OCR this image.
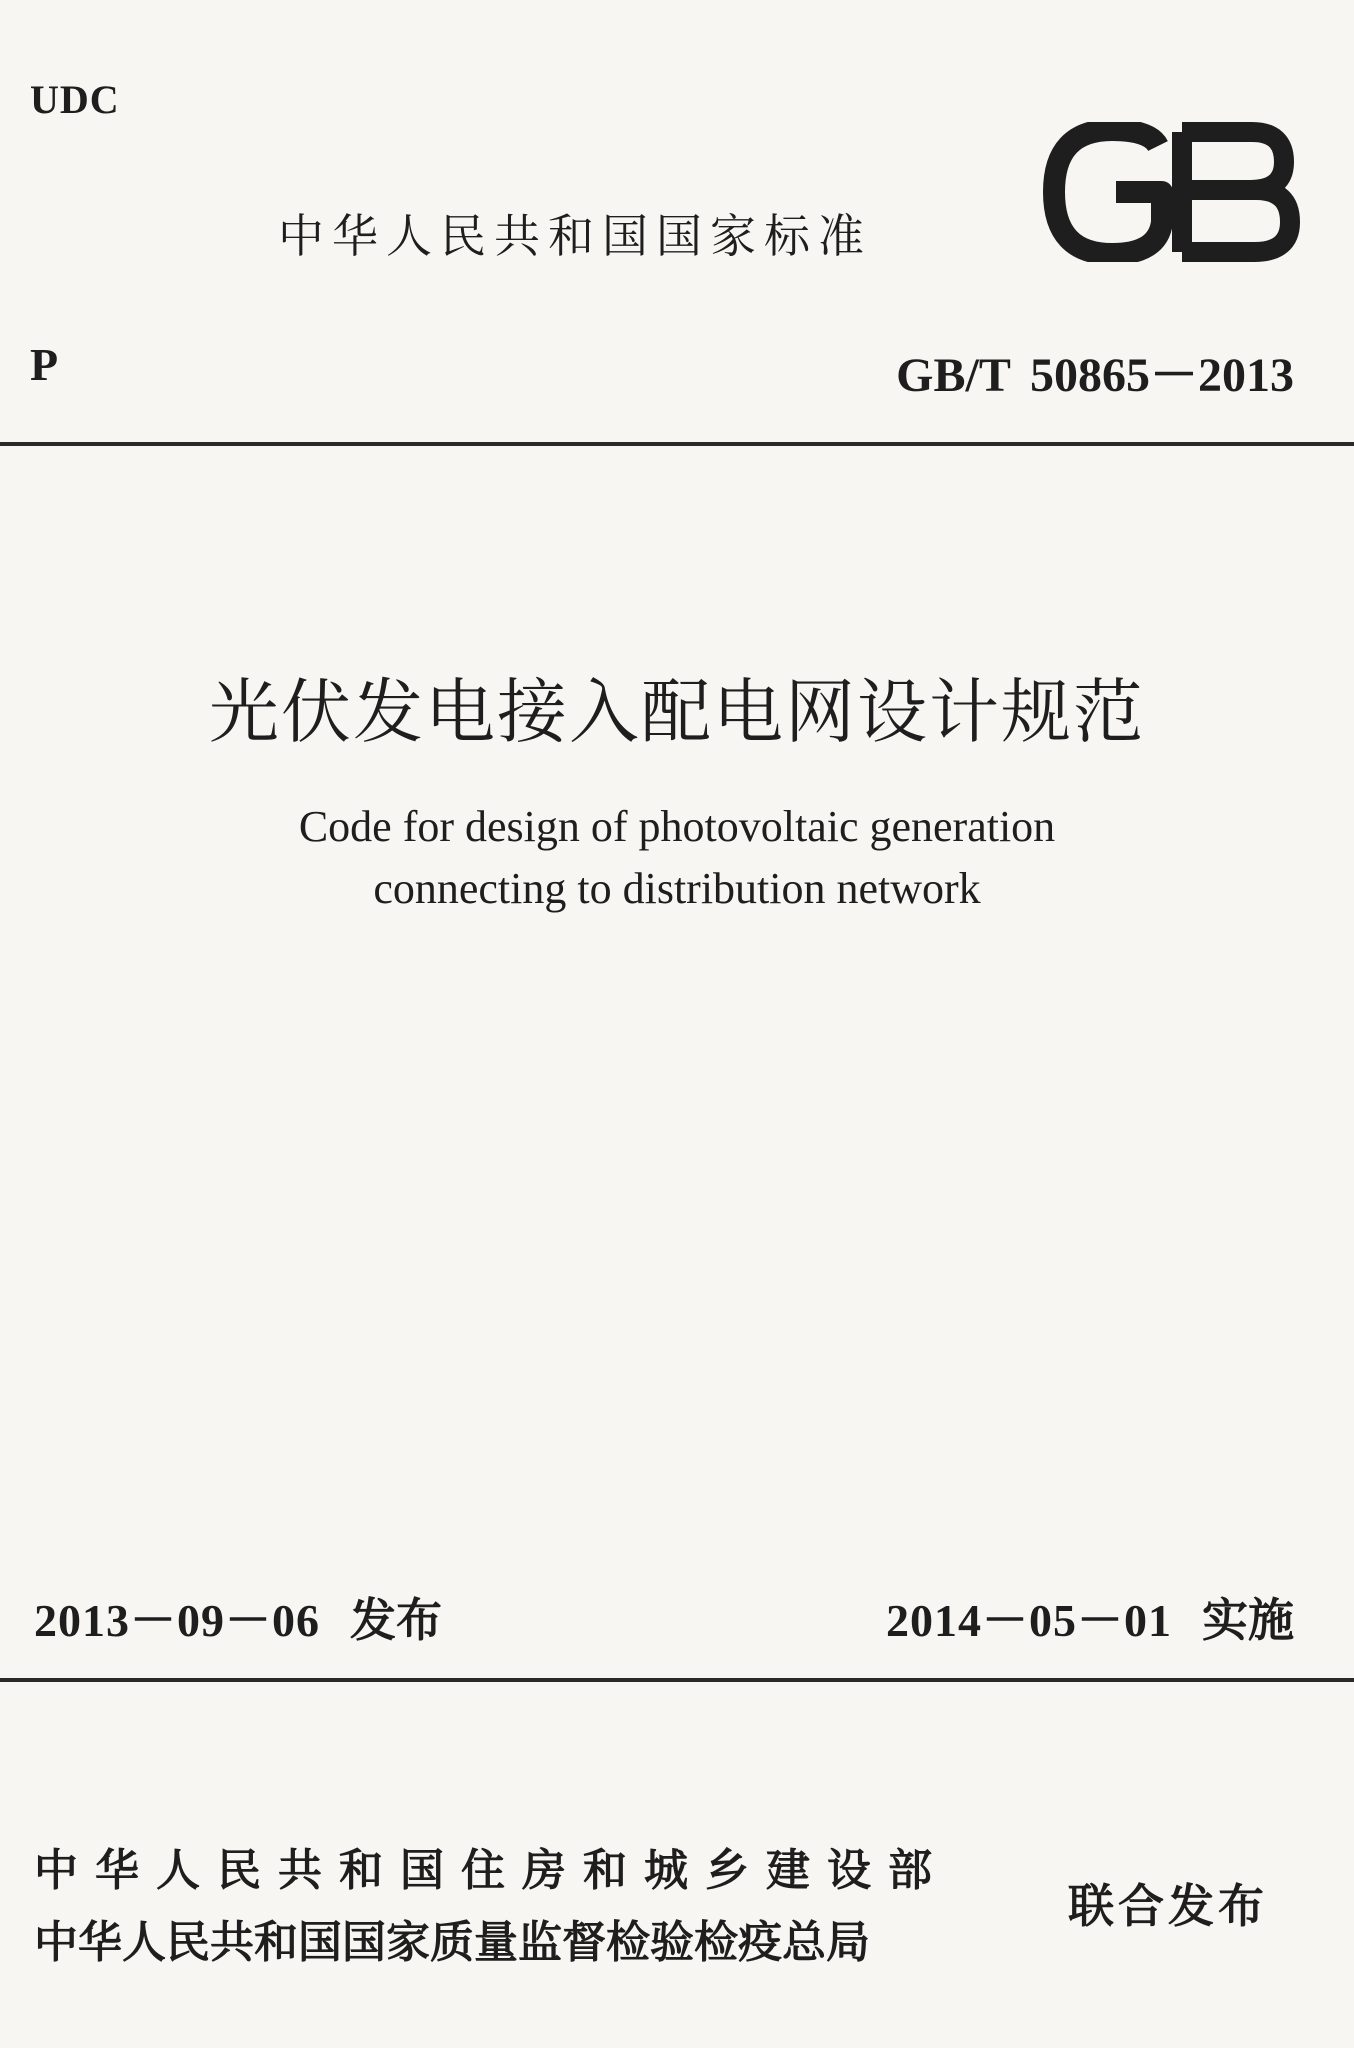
UDC
中华人民共和国国家标准
P	GB/T 50865－2013
光伏发电接入配电网设计规范
Code for design of photovoltaic generation
connecting to distribution network
2013－09－06 发布	2014－05－01 实施
中华人民共和国住房和城乡建设部
中华人民共和国国家质量监督检验检疫总局
联合发布
